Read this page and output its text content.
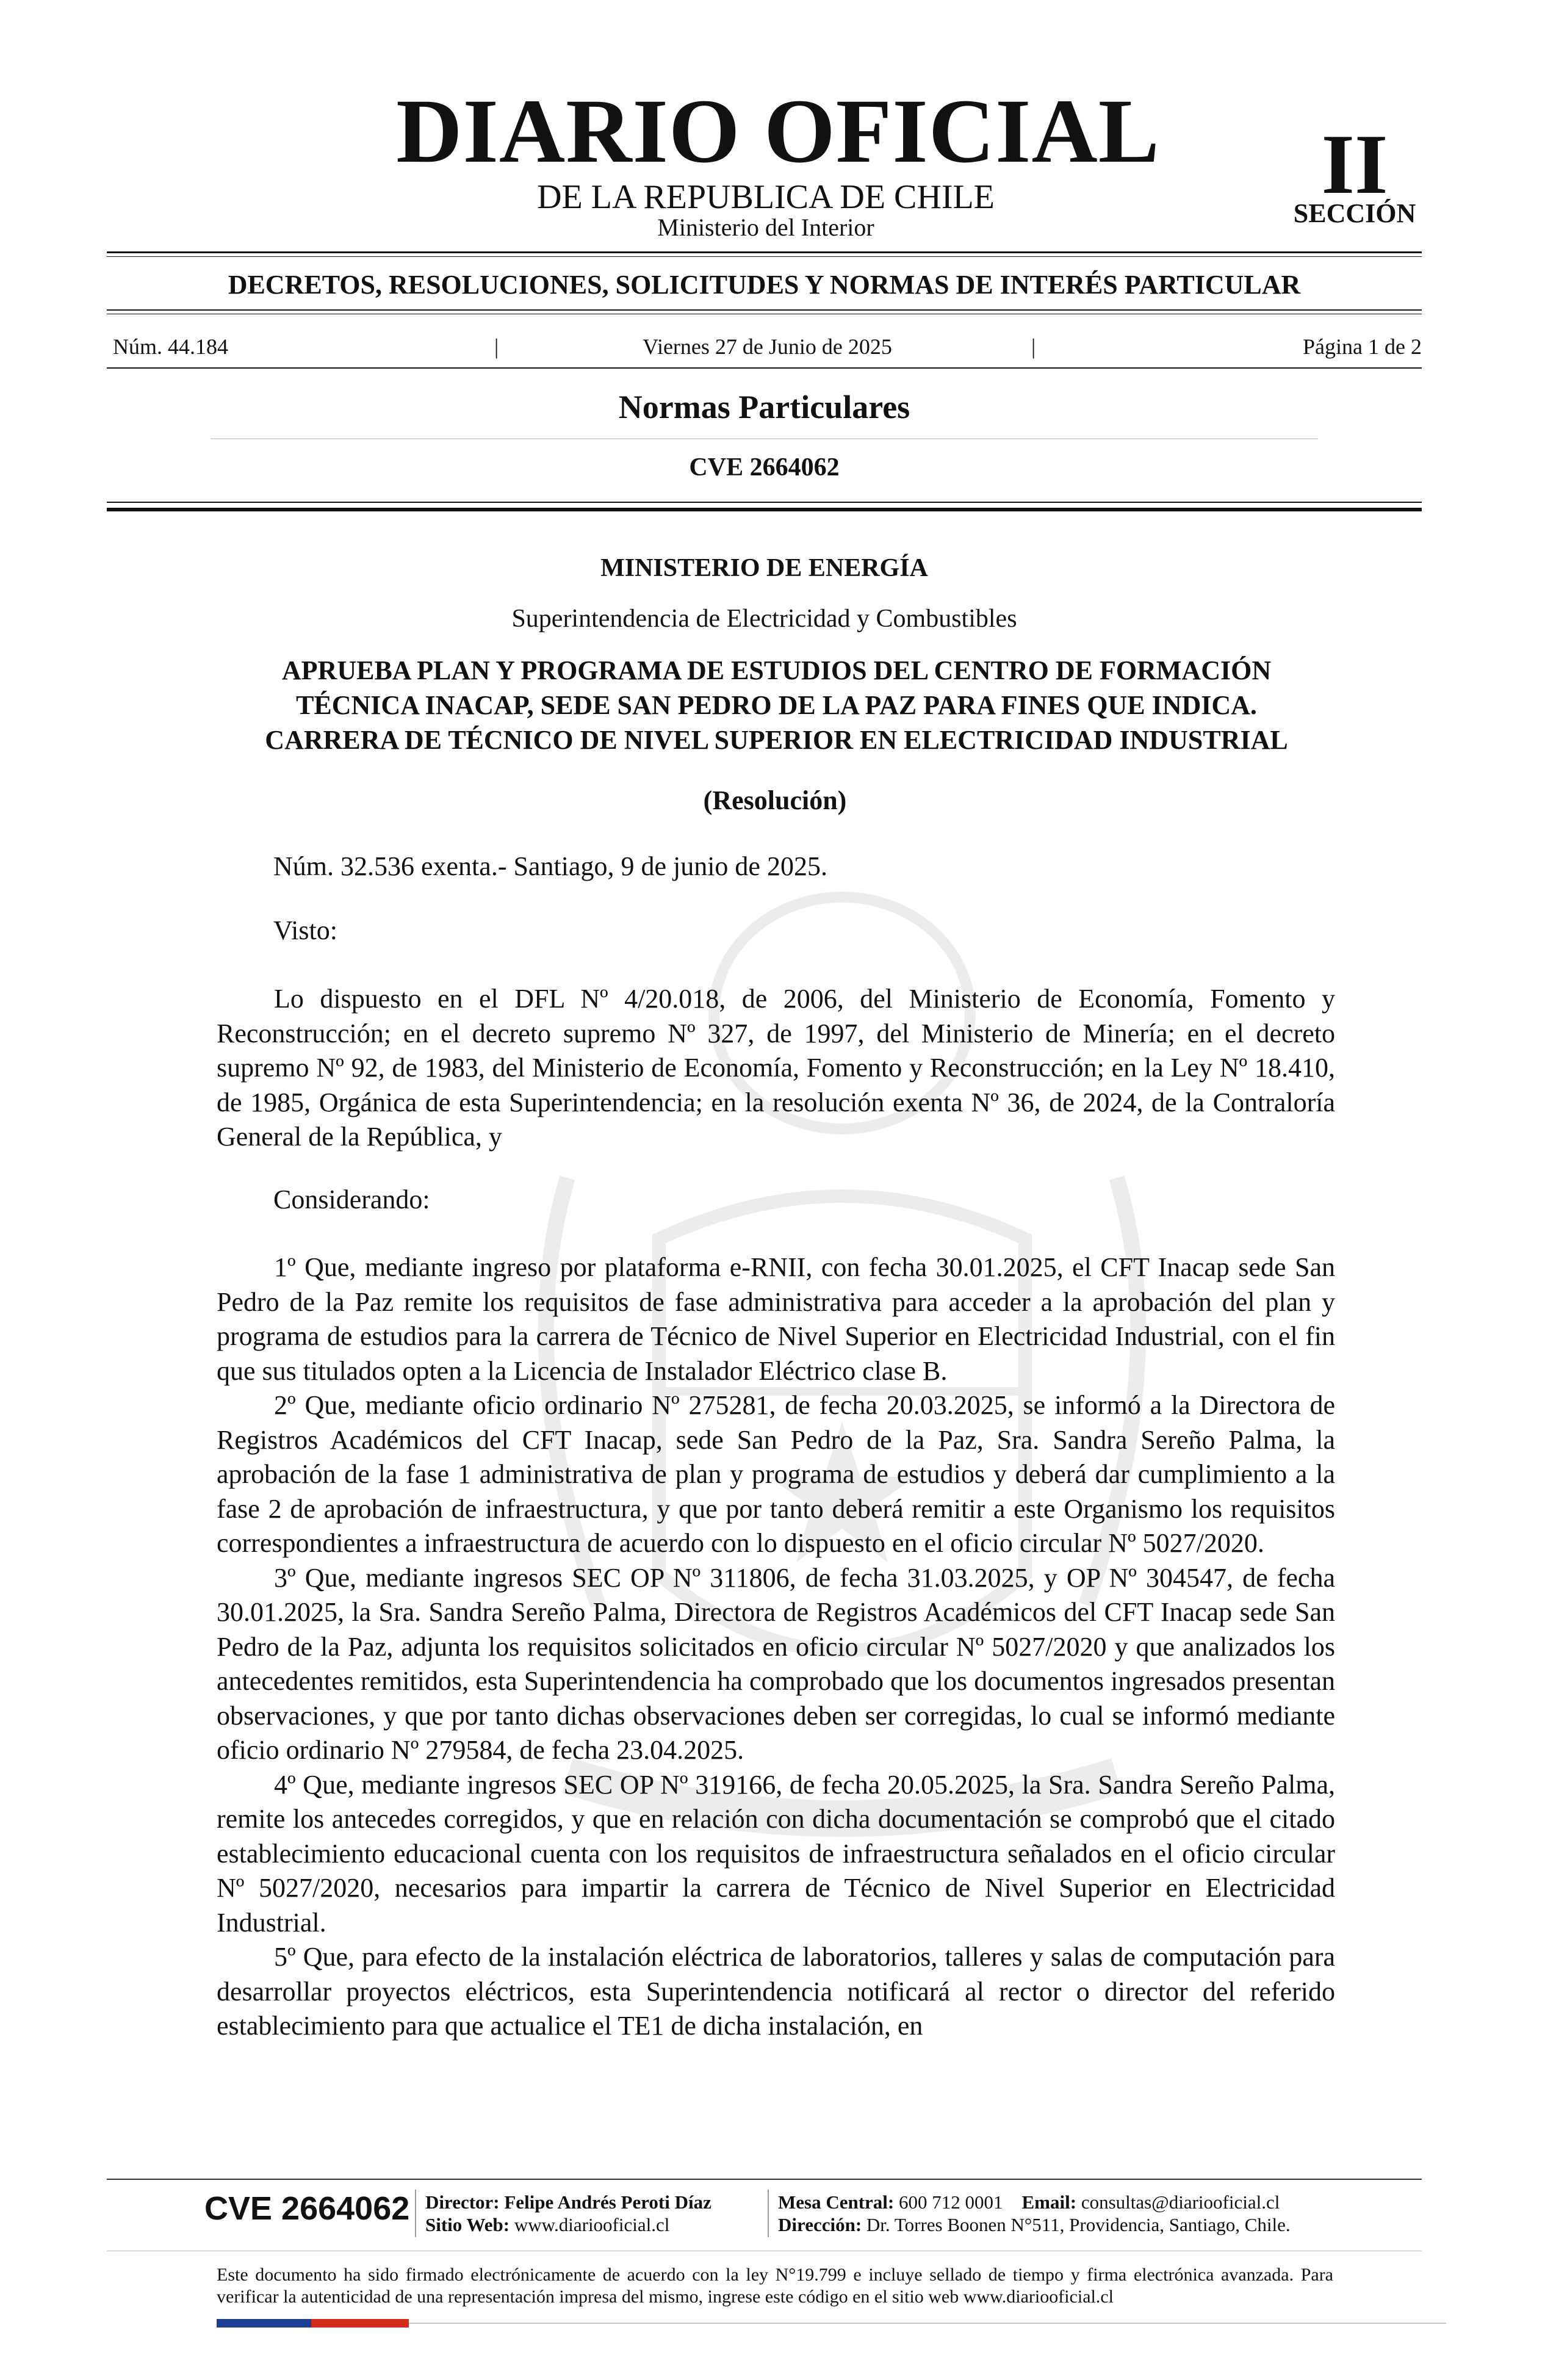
DIARIO OFICIAL
DE LA REPUBLICA DE CHILE
Ministerio del Interior
II
SECCIÓN
DECRETOS, RESOLUCIONES, SOLICITUDES Y NORMAS DE INTERÉS PARTICULAR
Núm. 44.184	|	Viernes 27 de Junio de 2025	|	Página 1 de 2
Normas Particulares
CVE 2664062
MINISTERIO DE ENERGÍA
Superintendencia de Electricidad y Combustibles
APRUEBA PLAN Y PROGRAMA DE ESTUDIOS DEL CENTRO DE FORMACIÓN
TÉCNICA INACAP, SEDE SAN PEDRO DE LA PAZ PARA FINES QUE INDICA.
CARRERA DE TÉCNICO DE NIVEL SUPERIOR EN ELECTRICIDAD INDUSTRIAL
(Resolución)
Núm. 32.536 exenta.- Santiago, 9 de junio de 2025.
Visto:

Lo dispuesto en el DFL Nº 4/20.018, de 2006, del Ministerio de Economía, Fomento y Reconstrucción; en el decreto supremo Nº 327, de 1997, del Ministerio de Minería; en el decreto supremo Nº 92, de 1983, del Ministerio de Economía, Fomento y Reconstrucción; en la Ley Nº 18.410, de 1985, Orgánica de esta Superintendencia; en la resolución exenta Nº 36, de 2024, de la Contraloría General de la República, y

Considerando:

1º Que, mediante ingreso por plataforma e-RNII, con fecha 30.01.2025, el CFT Inacap sede San Pedro de la Paz remite los requisitos de fase administrativa para acceder a la aprobación del plan y programa de estudios para la carrera de Técnico de Nivel Superior en Electricidad Industrial, con el fin que sus titulados opten a la Licencia de Instalador Eléctrico clase B.

2º Que, mediante oficio ordinario Nº 275281, de fecha 20.03.2025, se informó a la Directora de Registros Académicos del CFT Inacap, sede San Pedro de la Paz, Sra. Sandra Sereño Palma, la aprobación de la fase 1 administrativa de plan y programa de estudios y deberá dar cumplimiento a la fase 2 de aprobación de infraestructura, y que por tanto deberá remitir a este Organismo los requisitos correspondientes a infraestructura de acuerdo con lo dispuesto en el oficio circular Nº 5027/2020.

3º Que, mediante ingresos SEC OP Nº 311806, de fecha 31.03.2025, y OP Nº 304547, de fecha 30.01.2025, la Sra. Sandra Sereño Palma, Directora de Registros Académicos del CFT Inacap sede San Pedro de la Paz, adjunta los requisitos solicitados en oficio circular Nº 5027/2020 y que analizados los antecedentes remitidos, esta Superintendencia ha comprobado que los documentos ingresados presentan observaciones, y que por tanto dichas observaciones deben ser corregidas, lo cual se informó mediante oficio ordinario Nº 279584, de fecha 23.04.2025.

4º Que, mediante ingresos SEC OP Nº 319166, de fecha 20.05.2025, la Sra. Sandra Sereño Palma, remite los antecedes corregidos, y que en relación con dicha documentación se comprobó que el citado establecimiento educacional cuenta con los requisitos de infraestructura señalados en el oficio circular Nº 5027/2020, necesarios para impartir la carrera de Técnico de Nivel Superior en Electricidad Industrial.

5º Que, para efecto de la instalación eléctrica de laboratorios, talleres y salas de computación para desarrollar proyectos eléctricos, esta Superintendencia notificará al rector o director del referido establecimiento para que actualice el TE1 de dicha instalación, en

CVE 2664062 Director: Felipe Andrés Peroti Díaz
Sitio Web: www.diariooficial.cl
Mesa Central: 600 712 0001 Email: consultas@diariooficial.cl
Dirección: Dr. Torres Boonen N°511, Providencia, Santiago, Chile.
Este documento ha sido firmado electrónicamente de acuerdo con la ley N°19.799 e incluye sellado de tiempo y firma electrónica avanzada. Para verificar la autenticidad de una representación impresa del mismo, ingrese este código en el sitio web www.diariooficial.cl
